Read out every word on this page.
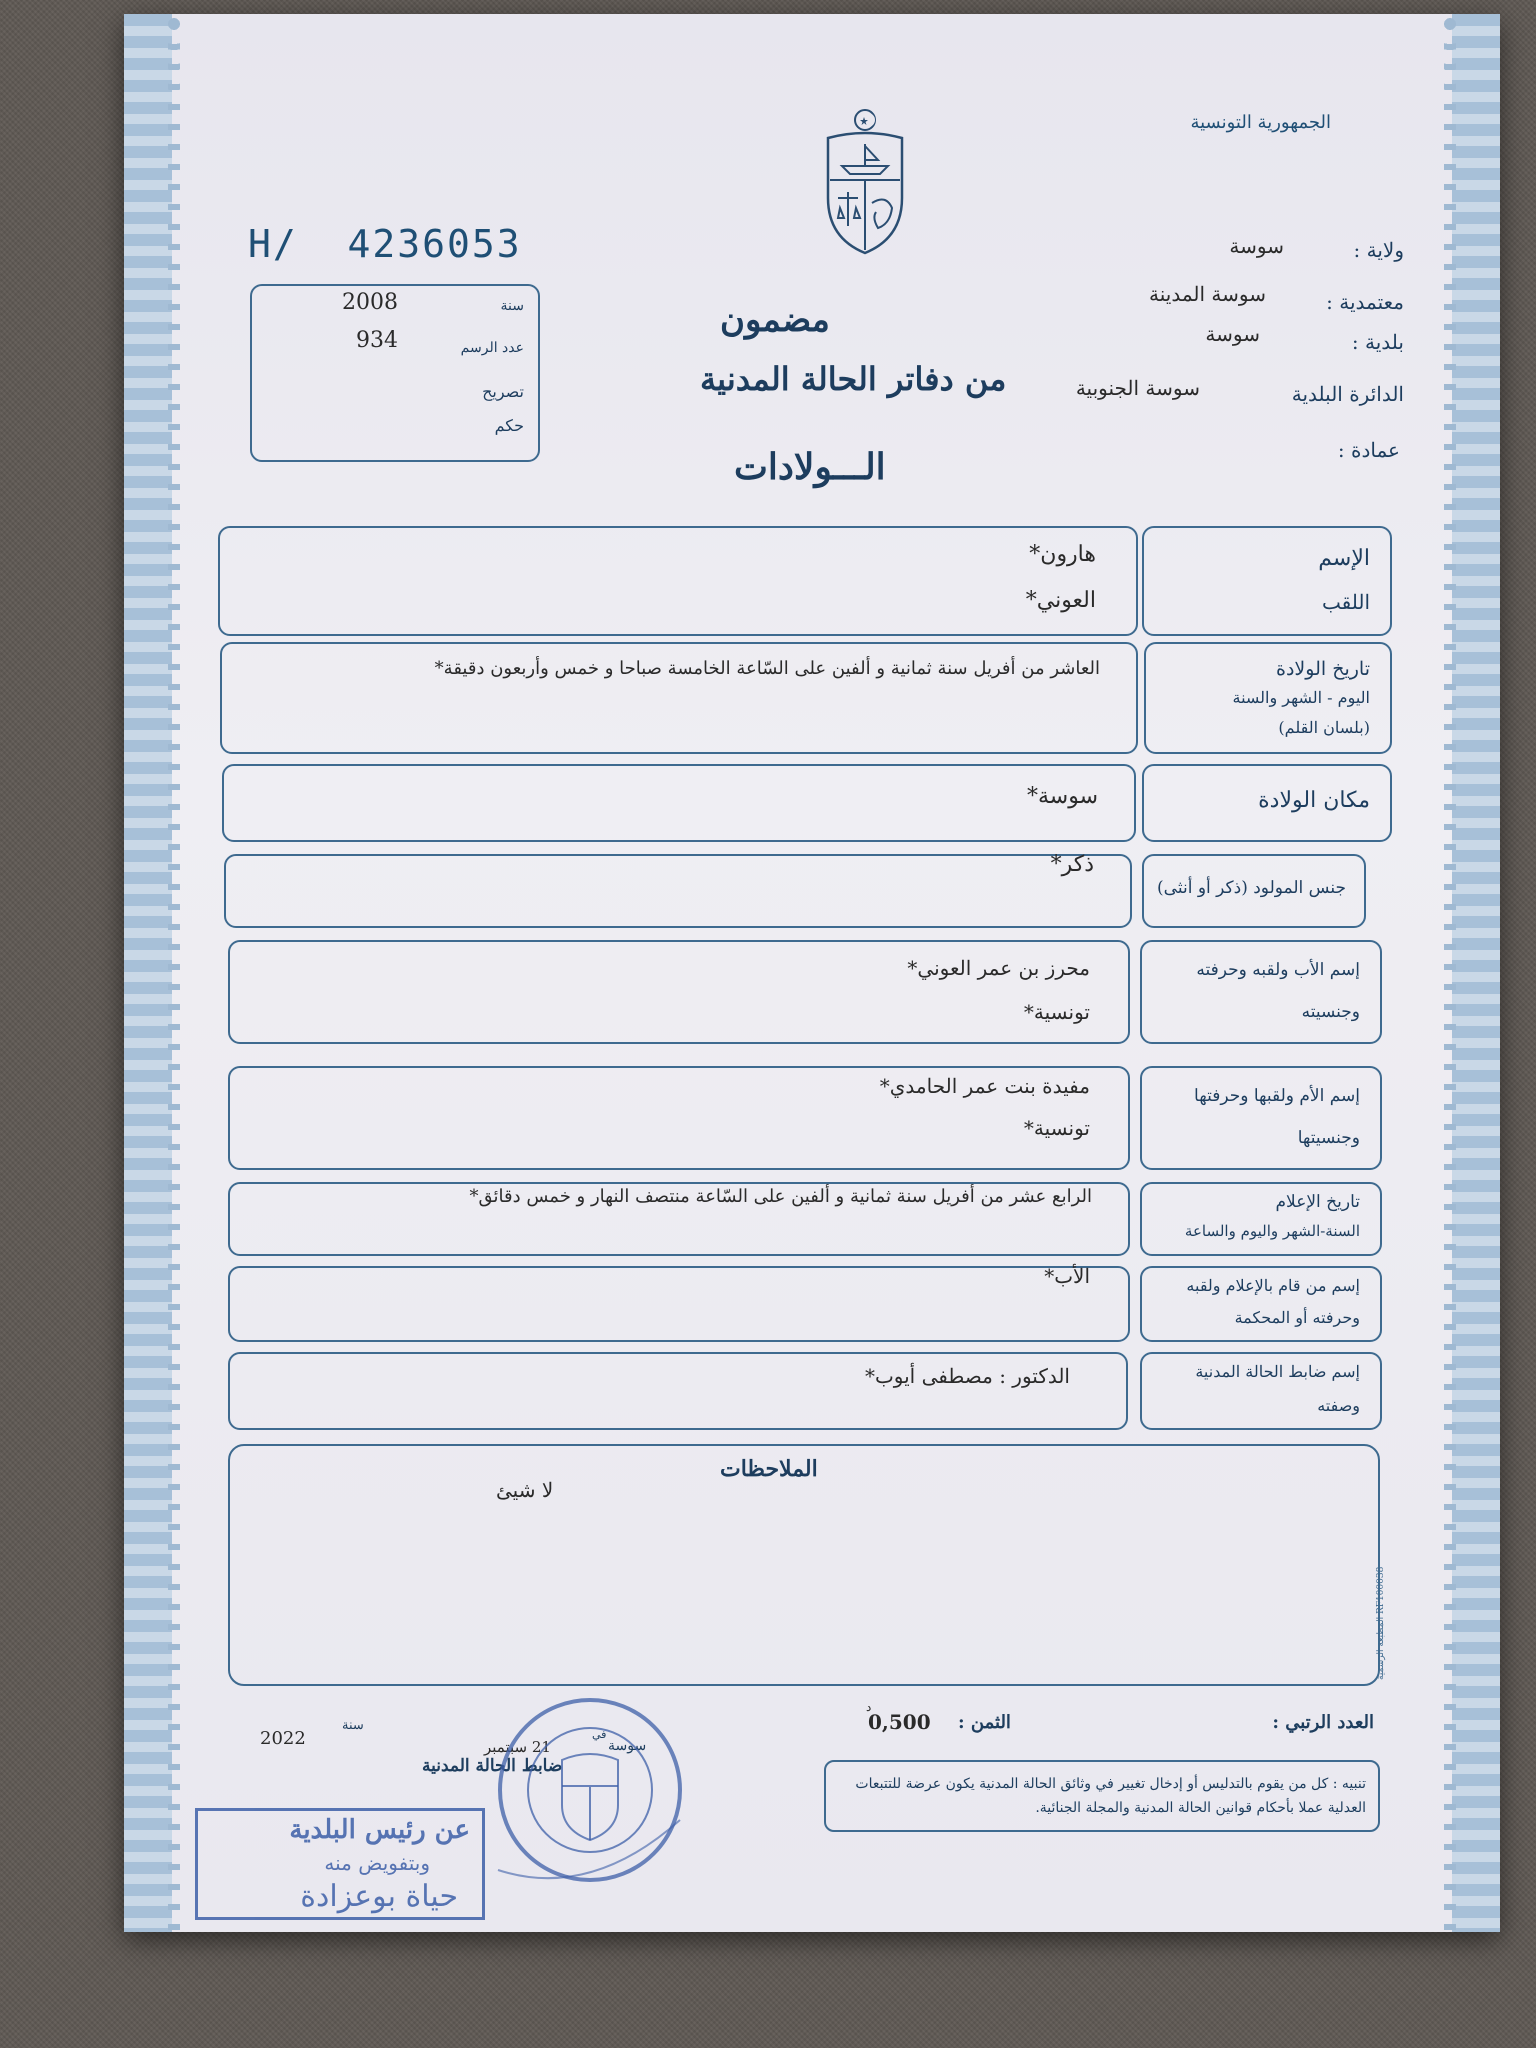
الجمهورية التونسية
H/  4236053
سنة
2008
عدد الرسم
934
تصريح
حكم
مضمون
من دفاتر الحالة المدنية
الـــولادات
ولاية :
سوسة
معتمدية :
سوسة المدينة
بلدية :
سوسة
الدائرة البلدية
سوسة الجنوبية
عمادة :
الإسم
اللقب
هارون*
العوني*
تاريخ الولادة
اليوم - الشهر والسنة
(بلسان القلم)
العاشر من أفريل سنة ثمانية و ألفين على السّاعة الخامسة صباحا و خمس وأربعون دقيقة*
مكان الولادة
سوسة*
جنس المولود (ذكر أو أنثى)
ذكر*
إسم الأب ولقبه وحرفته
وجنسيته
محرز بن عمر العوني*
تونسية*
إسم الأم ولقبها وحرفتها
وجنسيتها
مفيدة بنت عمر الحامدي*
تونسية*
تاريخ الإعلام
السنة-الشهر واليوم والساعة
الرابع عشر من أفريل سنة ثمانية و ألفين على السّاعة منتصف النهار و خمس دقائق*
إسم من قام بالإعلام ولقبه
وحرفته أو المحكمة
الأب*
إسم ضابط الحالة المدنية
وصفته
الدكتور : مصطفى أيوب*
الملاحظات
لا شيئ
المطبعة الرسمية RF100038
العدد الرتبي :
الثمن :
0,500
د
سوسة
في
21 سبتمبر
سنة
2022
ضابط الحالة المدنية
تنبيه : كل من يقوم بالتدليس أو إدخال تغيير في وثائق الحالة المدنية يكون عرضة للتتبعات العدلية عملا بأحكام قوانين الحالة المدنية والمجلة الجنائية.
عن رئيس البلدية
وبتفويض منه
حياة بوعزادة
